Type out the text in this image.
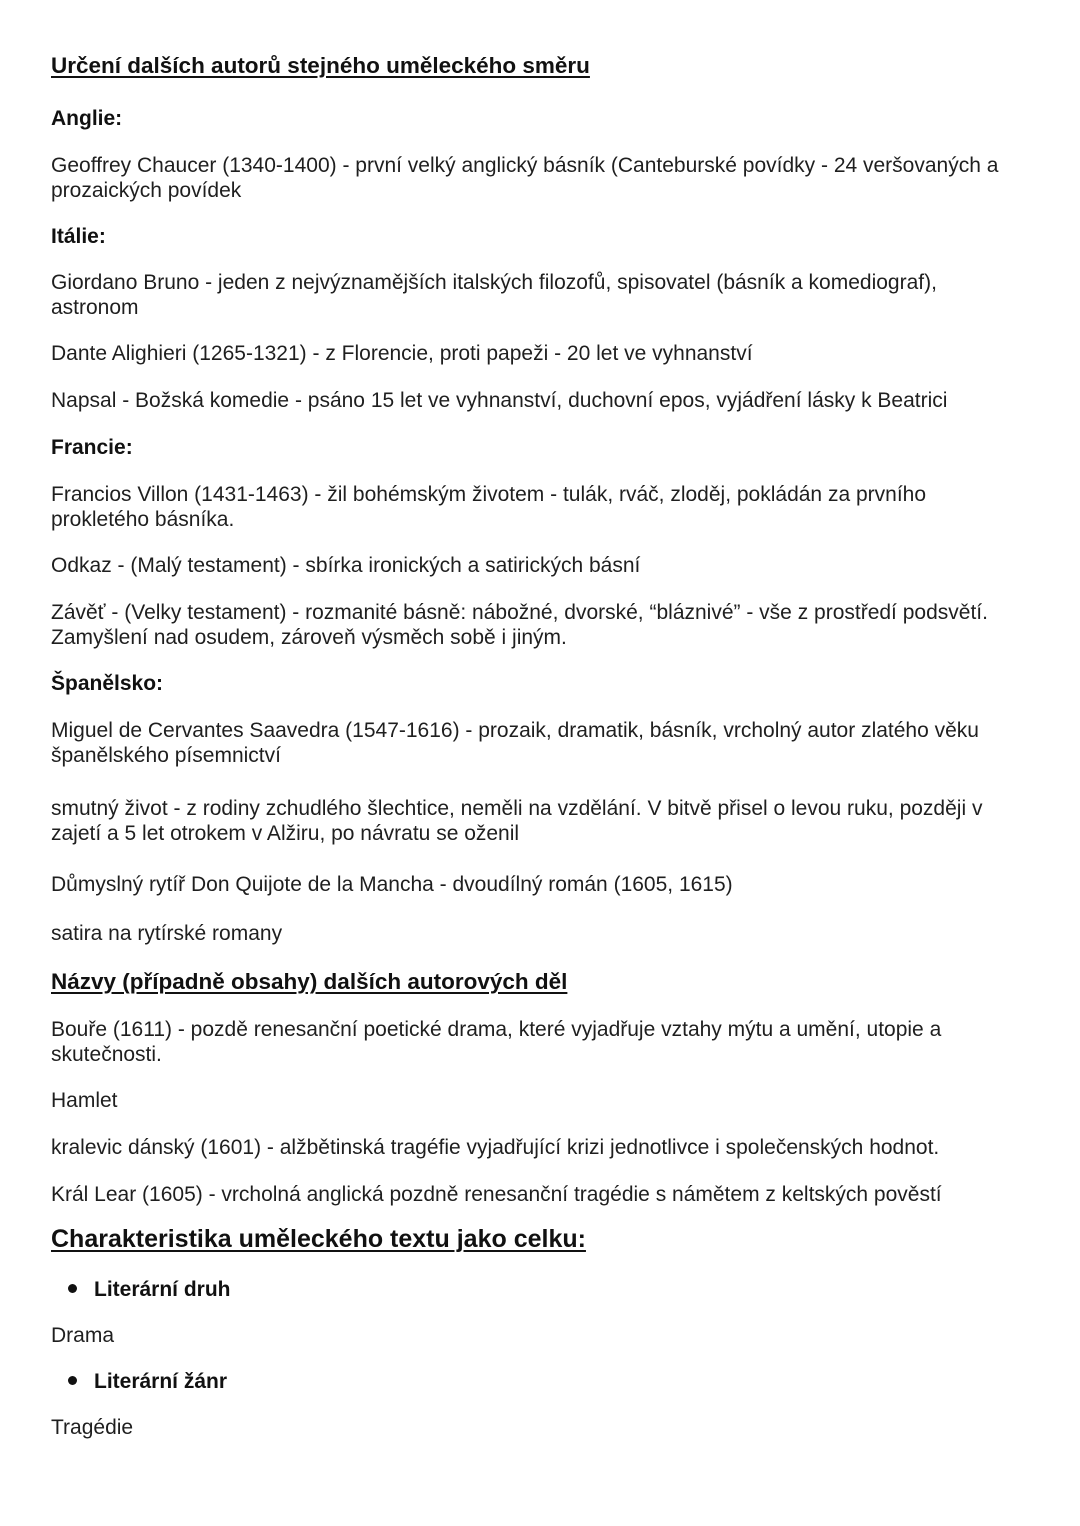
Určení dalších autorů stejného uměleckého směru

Anglie:

Geoffrey Chaucer (1340-1400) - první velký anglický básník (Canteburské povídky - 24 veršovaných a prozaických povídek

Itálie:

Giordano Bruno - jeden z nejvýznamějších italských filozofů, spisovatel (básník a komediograf), astronom

Dante Alighieri (1265-1321) - z Florencie, proti papeži - 20 let ve vyhnanství

Napsal - Božská komedie - psáno 15 let ve vyhnanství, duchovní epos, vyjádření lásky k Beatrici

Francie:

Francios Villon (1431-1463) - žil bohémským životem - tulák, rváč, zloděj, pokládán za prvního prokletého básníka.

Odkaz - (Malý testament) - sbírka ironických a satirických básní

Závěť - (Velky testament) - rozmanité básně: nábožné, dvorské, “bláznivé” - vše z prostředí podsvětí. Zamyšlení nad osudem, zároveň výsměch sobě i jiným.

Španělsko:

Miguel de Cervantes Saavedra (1547-1616) - prozaik, dramatik, básník, vrcholný autor zlatého věku španělského písemnictví

smutný život - z rodiny zchudlého šlechtice, neměli na vzdělání. V bitvě přisel o levou ruku, později v zajetí a 5 let otrokem v Alžiru, po návratu se oženil

Důmyslný rytíř Don Quijote de la Mancha - dvoudílný román (1605, 1615)

satira na rytírské romany

Názvy (případně obsahy) dalších autorových děl

Bouře (1611) - pozdě renesanční poetické drama, které vyjadřuje vztahy mýtu a umění, utopie a skutečnosti.

Hamlet

kralevic dánský (1601) - alžbětinská tragéfie vyjadřující krizi jednotlivce i společenských hodnot.

Král Lear (1605) - vrcholná anglická pozdně renesanční tragédie s námětem z keltských pověstí

Charakteristika uměleckého textu jako celku:

Literární druh

Drama

Literární žánr

Tragédie
